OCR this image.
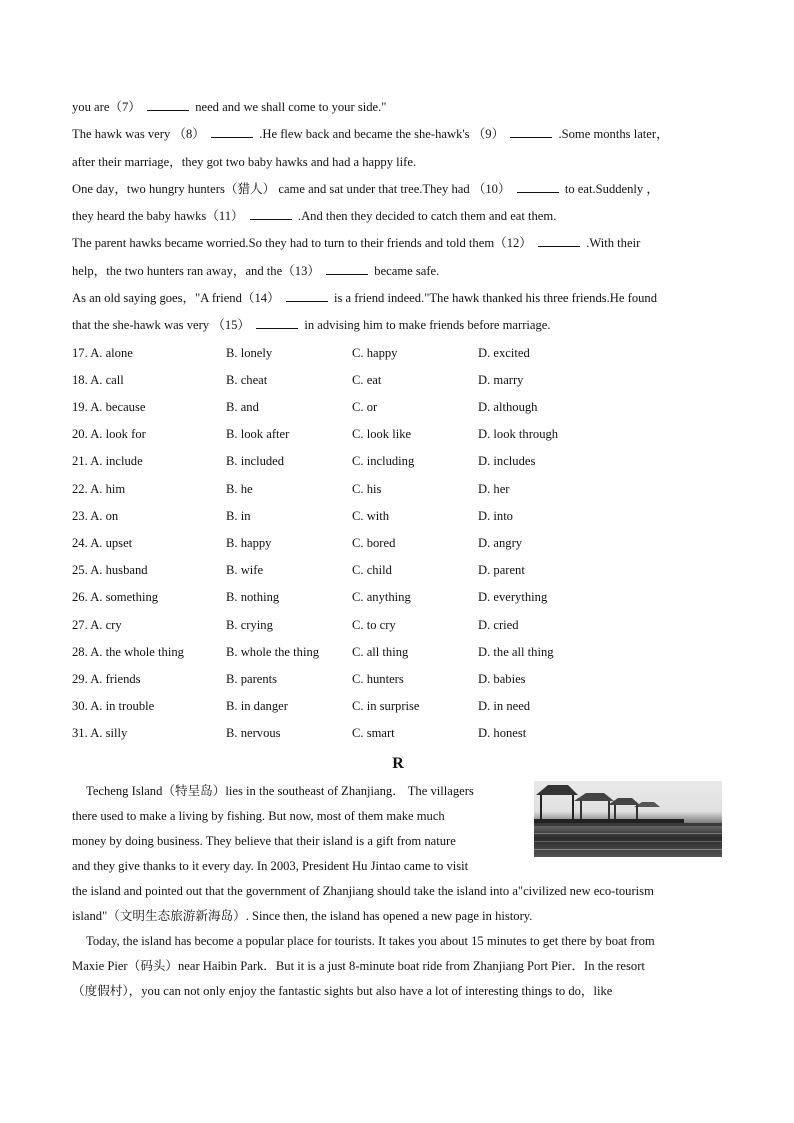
you are（7）	need and we shall come to your side."

The hawk was very （8）	.He flew back and became the she-hawk's （9）	.Some months later，

after their marriage，they got two baby hawks and had a happy life.

One day，two hungry hunters（猎人） came and sat under that tree.They had （10）	to eat.Suddenly ，

they heard the baby hawks（11）	.And then they decided to catch them and eat them.

The parent hawks became worried.So they had to turn to their friends and told them（12）	.With their

help，the two hunters ran away，and the（13）	became safe.

As an old saying goes，"A friend（14）	is a friend indeed."The hawk thanked his three friends.He found

that the she-hawk was very （15）	in advising him to make friends before marriage.

17. A. alone	B. lonely	C. happy	D. excited
18. A. call	B. cheat	C. eat	D. marry
19. A. because	B. and	C. or	D. although
20. A. look for	B. look after	C. look like	D. look through
21. A. include	B. included	C. including	D. includes
22. A. him	B. he	C. his	D. her
23. A. on	B. in	C. with	D. into
24. A. upset	B. happy	C. bored	D. angry
25. A. husband	B. wife	C. child	D. parent
26. A. something	B. nothing	C. anything	D. everything
27. A. cry	B. crying	C. to cry	D. cried
28. A. the whole thing	B. whole the thing	C. all thing	D. the all thing
29. A. friends	B. parents	C. hunters	D. babies
30. A. in trouble	B. in danger	C. in surprise	D. in need
31. A. silly	B. nervous	C. smart	D. honest
R

Techeng Island（特呈岛）lies in the southeast of Zhanjiang． The villagers

there used to make a living by fishing. But now, most of them make much

money by doing business. They believe that their island is a gift from nature

and they give thanks to it every day. In 2003, President Hu Jintao came to visit

the island and pointed out that the government of Zhanjiang should take the island into a"civilized new eco-tourism

island"（文明生态旅游新海岛）. Since then, the island has opened a new page in history.

Today, the island has become a popular place for tourists. It takes you about 15 minutes to get there by boat from

Maxie Pier（码头）near Haibin Park．But it is a just 8-minute boat ride from Zhanjiang Port Pier．In the resort

（度假村），you can not only enjoy the fantastic sights but also have a lot of interesting things to do，like
